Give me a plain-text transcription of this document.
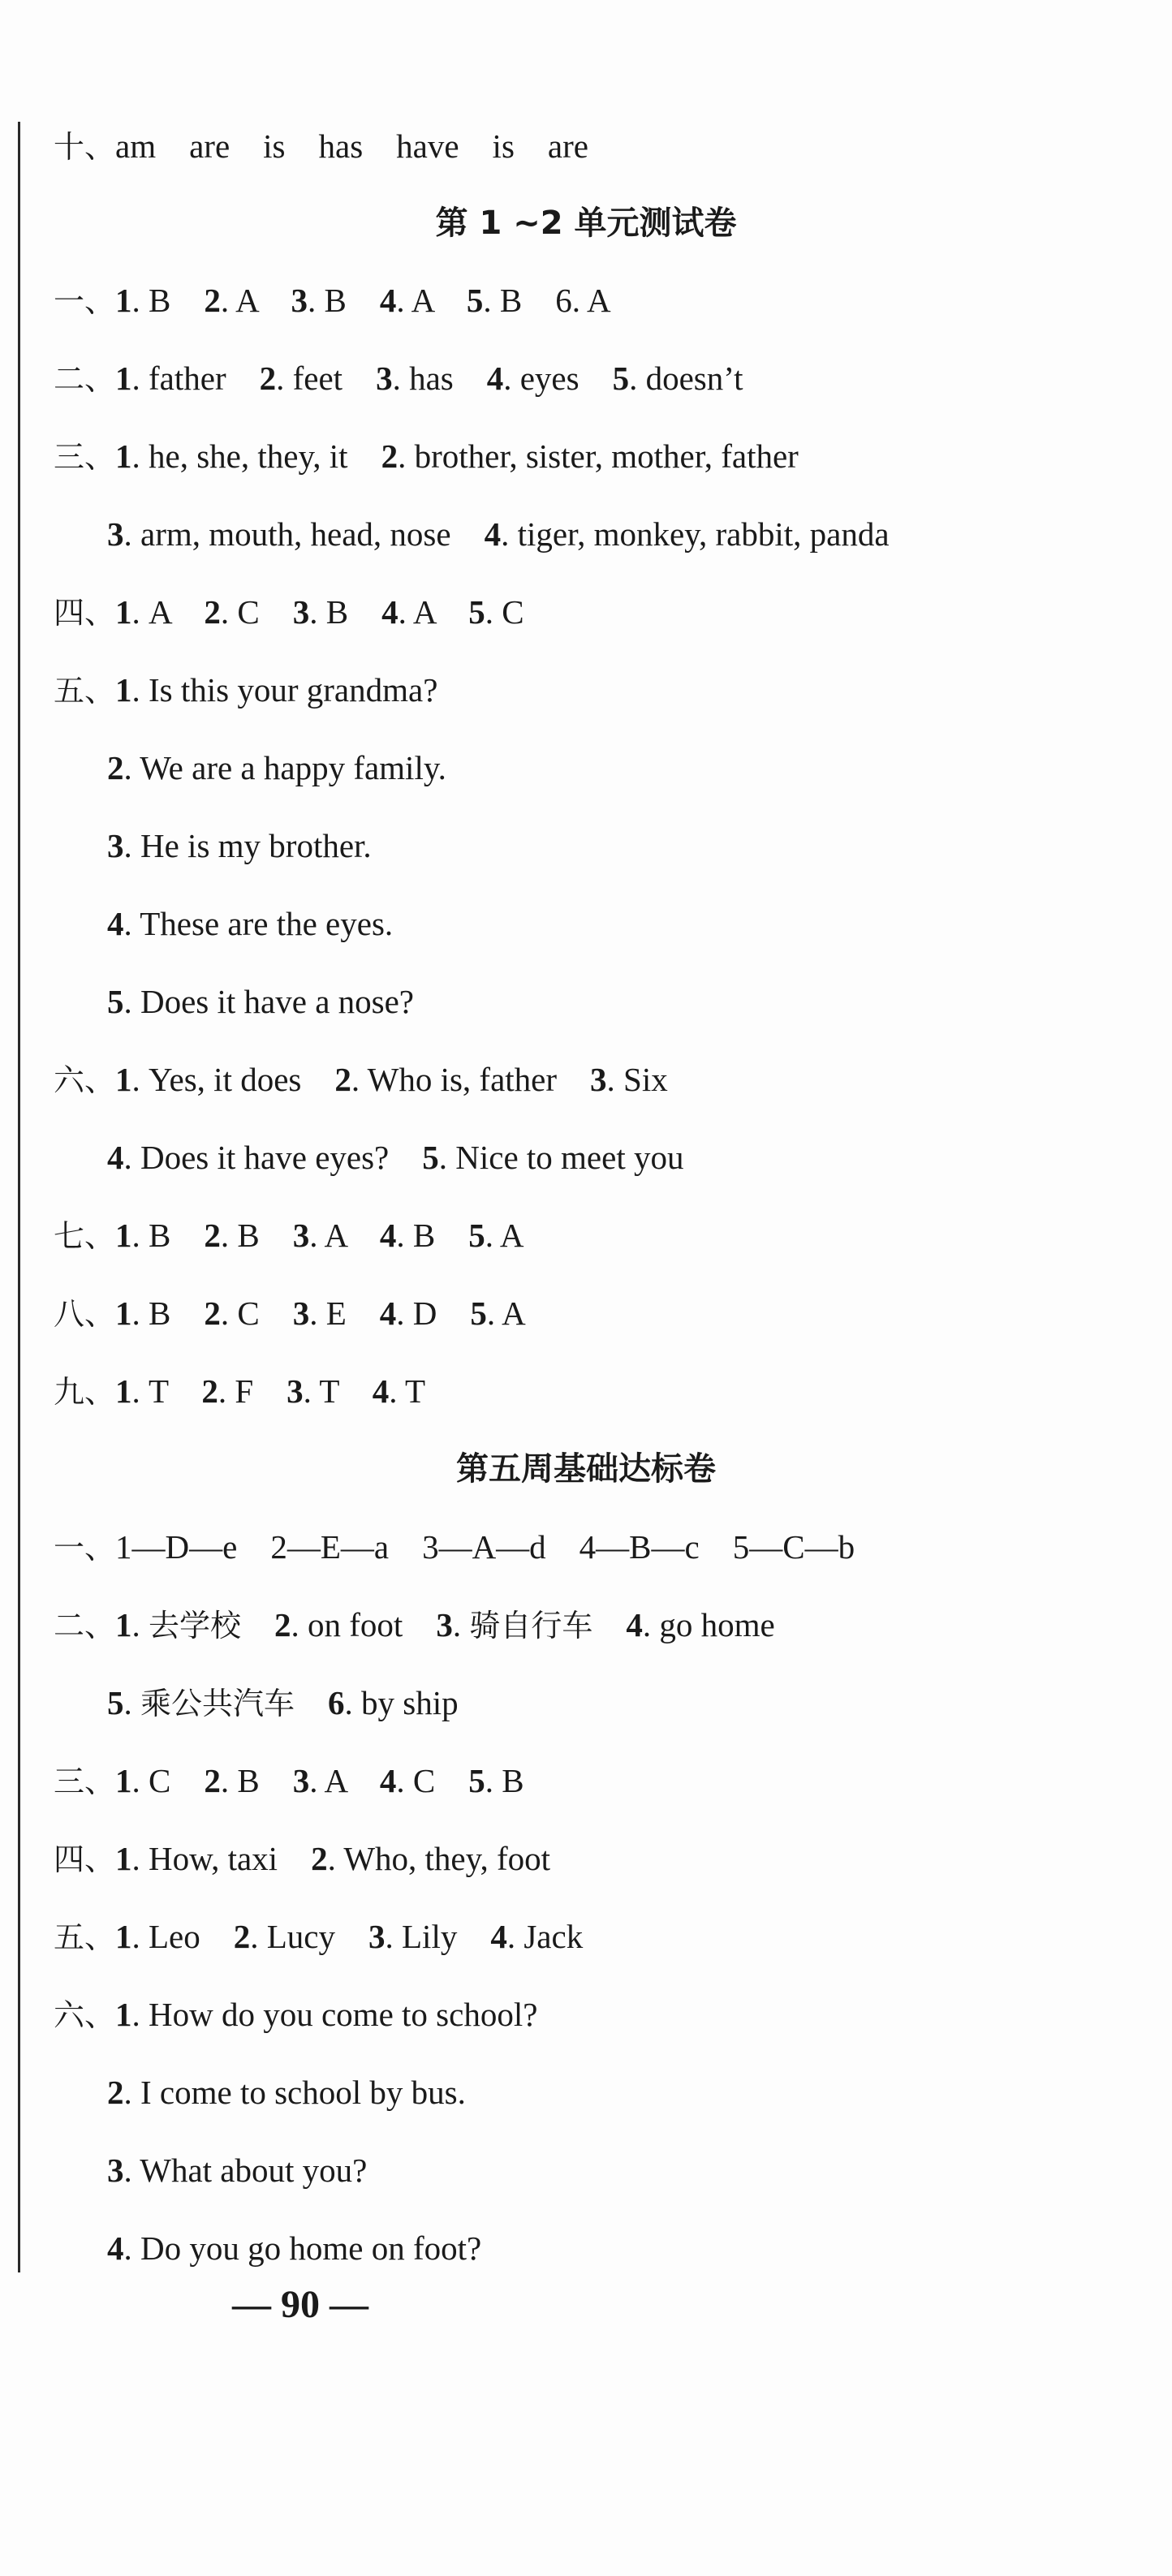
十、am    are    is    has    have    is    are
第 1 ~2 单元测试卷
一、1. B    2. A    3. B    4. A    5. B    6. A
二、1. father    2. feet    3. has    4. eyes    5. doesn’t
三、1. he, she, they, it    2. brother, sister, mother, father
3. arm, mouth, head, nose    4. tiger, monkey, rabbit, panda
四、1. A    2. C    3. B    4. A    5. C
五、1. Is this your grandma?
2. We are a happy family.
3. He is my brother.
4. These are the eyes.
5. Does it have a nose?
六、1. Yes, it does    2. Who is, father    3. Six
4. Does it have eyes?    5. Nice to meet you
七、1. B    2. B    3. A    4. B    5. A
八、1. B    2. C    3. E    4. D    5. A
九、1. T    2. F    3. T    4. T
第五周基础达标卷
一、1—D—e    2—E—a    3—A—d    4—B—c    5—C—b
二、1. 去学校 2. on foot    3. 骑自行车 4. go home
5. 乘公共汽车 6. by ship
三、1. C    2. B    3. A    4. C    5. B
四、1. How, taxi    2. Who, they, foot
五、1. Leo    2. Lucy    3. Lily    4. Jack
六、1. How do you come to school?
2. I come to school by bus.
3. What about you?
4. Do you go home on foot?
— 90 —
